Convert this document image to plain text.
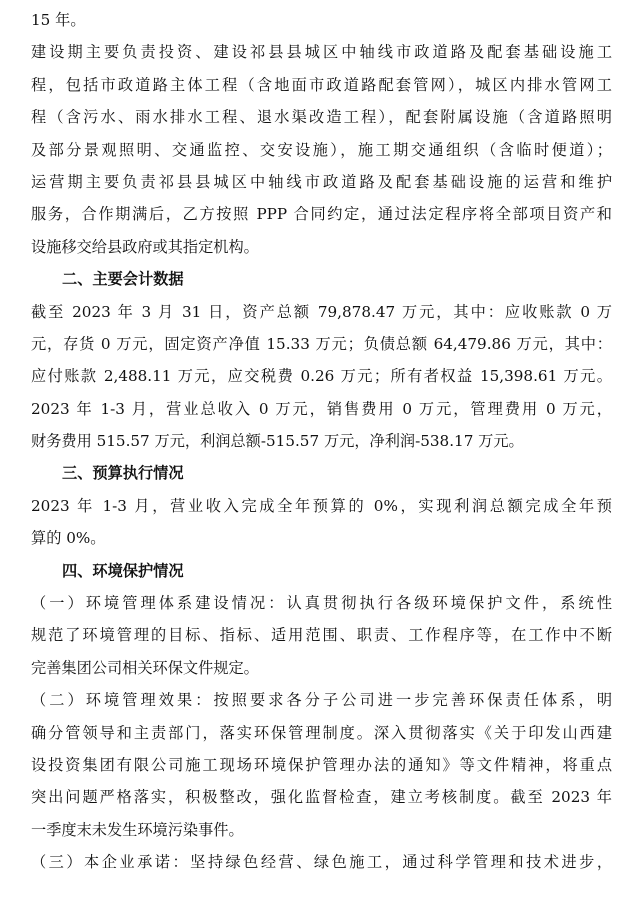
15 年。
建设期主要负责投资、建设祁县县城区中轴线市政道路及配套基础设施工
程，包括市政道路主体工程（含地面市政道路配套管网），城区内排水管网工
程（含污水、雨水排水工程、退水渠改造工程），配套附属设施（含道路照明
及部分景观照明、交通监控、交安设施），施工期交通组织（含临时便道）；
运营期主要负责祁县县城区中轴线市政道路及配套基础设施的运营和维护
服务，合作期满后，乙方按照 PPP 合同约定，通过法定程序将全部项目资产和
设施移交给县政府或其指定机构。
二、主要会计数据
截至 2023 年 3 月 31 日，资产总额 79,878.47 万元，其中：应收账款 0 万
元，存货 0 万元，固定资产净值 15.33 万元；负债总额 64,479.86 万元，其中：
应付账款 2,488.11 万元，应交税费 0.26 万元；所有者权益 15,398.61 万元。
2023 年 1-3 月，营业总收入 0 万元，销售费用 0 万元，管理费用 0 万元，
财务费用 515.57 万元，利润总额-515.57 万元，净利润-538.17 万元。
三、预算执行情况
2023 年 1-3 月，营业收入完成全年预算的 0%，实现利润总额完成全年预
算的 0%。
四、环境保护情况
（一）环境管理体系建设情况：认真贯彻执行各级环境保护文件，系统性
规范了环境管理的目标、指标、适用范围、职责、工作程序等，在工作中不断
完善集团公司相关环保文件规定。
（二）环境管理效果：按照要求各分子公司进一步完善环保责任体系，明
确分管领导和主责部门，落实环保管理制度。深入贯彻落实《关于印发山西建
设投资集团有限公司施工现场环境保护管理办法的通知》等文件精神，将重点
突出问题严格落实，积极整改，强化监督检查，建立考核制度。截至 2023 年
一季度末未发生环境污染事件。
（三）本企业承诺：坚持绿色经营、绿色施工，通过科学管理和技术进步，
